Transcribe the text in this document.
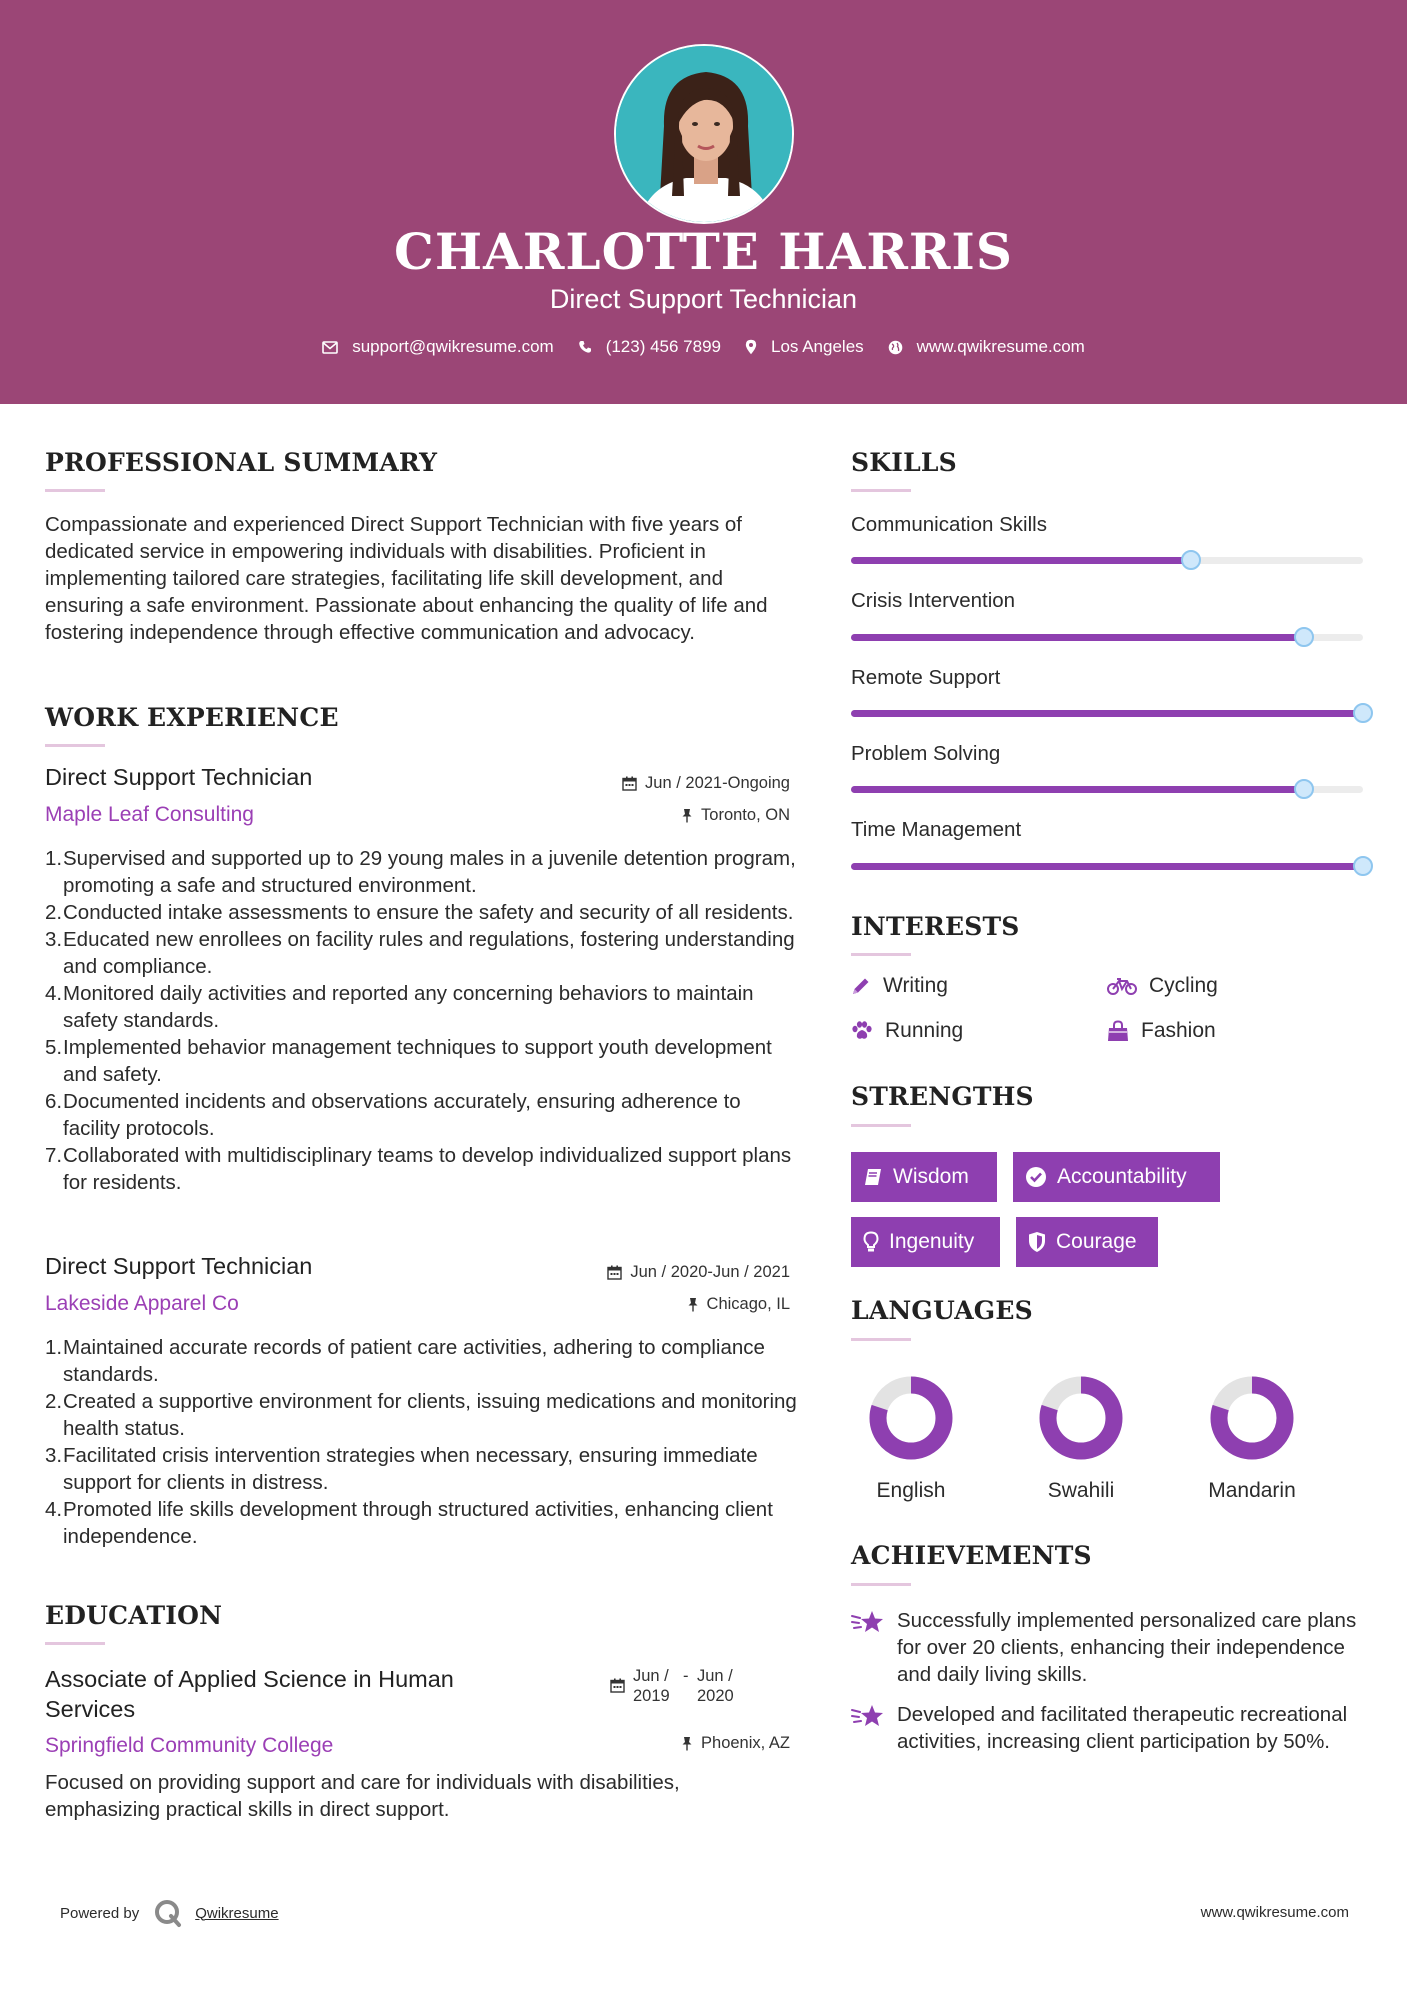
CHARLOTTE HARRIS
Direct Support Technician
support@qwikresume.com	(123) 456 7899	Los Angeles	www.qwikresume.com
PROFESSIONAL SUMMARY
Compassionate and experienced Direct Support Technician with five years of dedicated service in empowering individuals with disabilities. Proficient in implementing tailored care strategies, facilitating life skill development, and ensuring a safe environment. Passionate about enhancing the quality of life and fostering independence through effective communication and advocacy.
WORK EXPERIENCE
Direct Support Technician	Jun / 2021-Ongoing
Maple Leaf Consulting	Toronto, ON
1. Supervised and supported up to 29 young males in a juvenile detention program, promoting a safe and structured environment.
2. Conducted intake assessments to ensure the safety and security of all residents.
3. Educated new enrollees on facility rules and regulations, fostering understanding and compliance.
4. Monitored daily activities and reported any concerning behaviors to maintain safety standards.
5. Implemented behavior management techniques to support youth development and safety.
6. Documented incidents and observations accurately, ensuring adherence to facility protocols.
7. Collaborated with multidisciplinary teams to develop individualized support plans for residents.
Direct Support Technician	Jun / 2020-Jun / 2021
Lakeside Apparel Co	Chicago, IL
1. Maintained accurate records of patient care activities, adhering to compliance standards.
2. Created a supportive environment for clients, issuing medications and monitoring health status.
3. Facilitated crisis intervention strategies when necessary, ensuring immediate support for clients in distress.
4. Promoted life skills development through structured activities, enhancing client independence.
EDUCATION
Associate of Applied Science in Human Services
Jun / 2019
- Jun / 2020
Springfield Community College	Phoenix, AZ
Focused on providing support and care for individuals with disabilities, emphasizing practical skills in direct support.
SKILLS
Communication Skills
Crisis Intervention
Remote Support
Problem Solving
Time Management
INTERESTS
Writing	Cycling
Running	Fashion
STRENGTHS
Wisdom	Accountability
Ingenuity	Courage
LANGUAGES
English	Swahili	Mandarin
ACHIEVEMENTS
Successfully implemented personalized care plans for over 20 clients, enhancing their independence and daily living skills.
Developed and facilitated therapeutic recreational activities, increasing client participation by 50%.
Powered by	Qwikresume	www.qwikresume.com
